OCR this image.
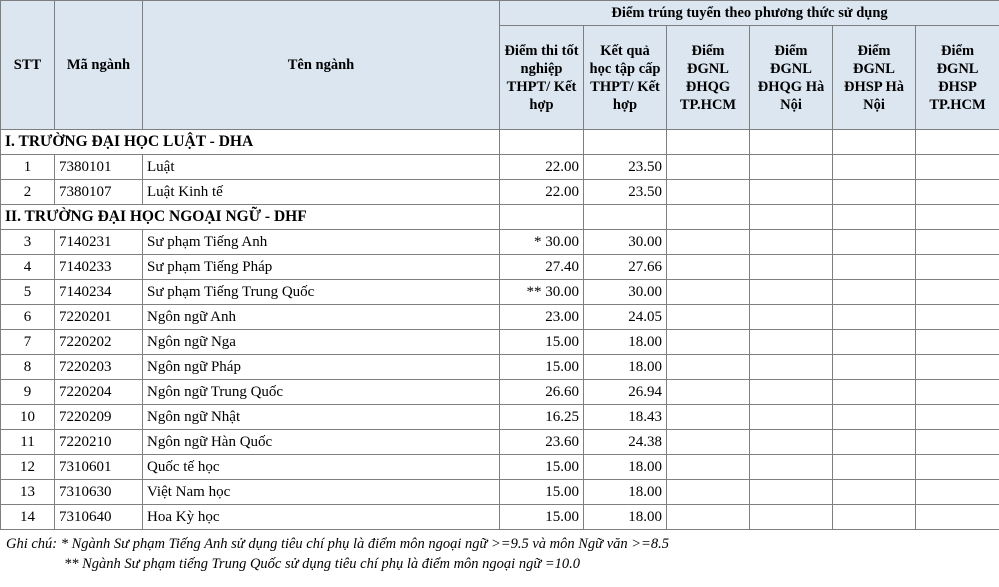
STT	Mã ngành	Tên ngành	Điểm trúng tuyển theo phương thức sử dụng					
			Điểm thi tốt nghiệp THPT/ Kết hợp	Kết quả học tập cấp THPT/ Kết hợp	Điểm ĐGNL ĐHQG TP.HCM	Điểm ĐGNL ĐHQG Hà Nội	Điểm ĐGNL ĐHSP Hà Nội	Điểm ĐGNL ĐHSP TP.HCM
I. TRƯỜNG ĐẠI HỌC LUẬT - DHA								
1	7380101	Luật	22.00	23.50				
2	7380107	Luật Kinh tế	22.00	23.50				
II. TRƯỜNG ĐẠI HỌC NGOẠI NGỮ - DHF								
3	7140231	Sư phạm Tiếng Anh	* 30.00	30.00				
4	7140233	Sư phạm Tiếng Pháp	27.40	27.66				
5	7140234	Sư phạm Tiếng Trung Quốc	** 30.00	30.00				
6	7220201	Ngôn ngữ Anh	23.00	24.05				
7	7220202	Ngôn ngữ Nga	15.00	18.00				
8	7220203	Ngôn ngữ Pháp	15.00	18.00				
9	7220204	Ngôn ngữ Trung Quốc	26.60	26.94				
10	7220209	Ngôn ngữ Nhật	16.25	18.43				
11	7220210	Ngôn ngữ Hàn Quốc	23.60	24.38				
12	7310601	Quốc tế học	15.00	18.00				
13	7310630	Việt Nam học	15.00	18.00				
14	7310640	Hoa Kỳ học	15.00	18.00				
Ghi chú: * Ngành Sư phạm Tiếng Anh sử dụng tiêu chí phụ là điểm môn ngoại ngữ >=9.5 và môn Ngữ văn >=8.5
** Ngành Sư phạm tiếng Trung Quốc sử dụng tiêu chí phụ là điểm môn ngoại ngữ =10.0
